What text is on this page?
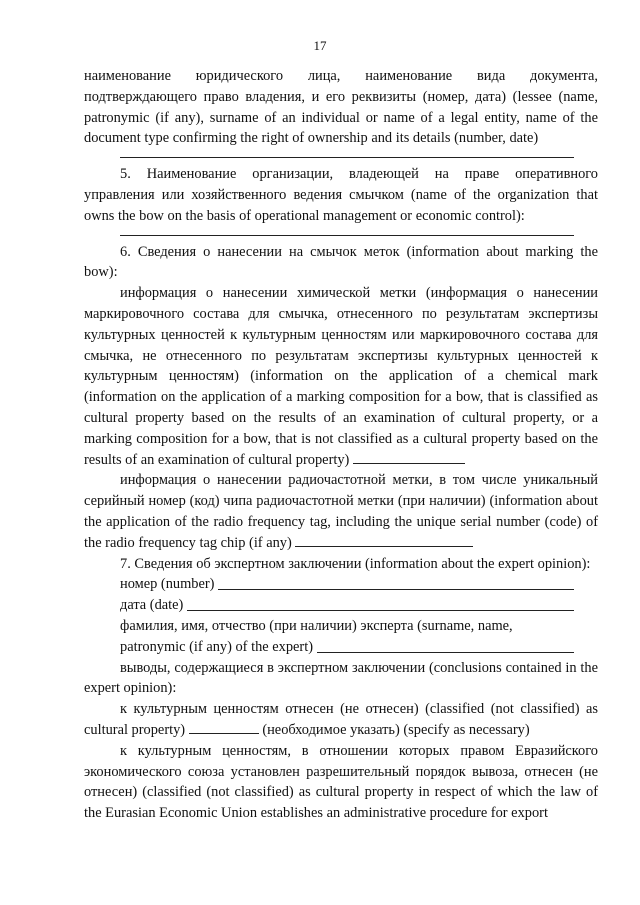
17

наименование юридического лица, наименование вида документа, подтверждающего право владения, и его реквизиты (номер, дата) (lessee (name, patronymic (if any), surname of an individual or name of a legal entity, name of the document type confirming the right of ownership and its details (number, date)

5. Наименование организации, владеющей на праве оперативного управления или хозяйственного ведения смычком (name of the organization that owns the bow on the basis of operational management or economic control):

6. Сведения о нанесении на смычок меток (information about marking the bow):

информация о нанесении химической метки (информация о нанесении маркировочного состава для смычка, отнесенного по результатам экспертизы культурных ценностей к культурным ценностям или маркировочного состава для смычка, не отнесенного по результатам экспертизы культурных ценностей к культурным ценностям) (information on the application of a chemical mark (information on the application of a marking composition for a bow, that is classified as cultural property based on the results of an examination of cultural property, or a marking composition for a bow, that is not classified as a cultural property based on the results of an examination of cultural property)

информация о нанесении радиочастотной метки, в том числе уникальный серийный номер (код) чипа радиочастотной метки (при наличии) (information about the application of the radio frequency tag, including the unique serial number (code) of the radio frequency tag chip (if any)

7. Сведения об экспертном заключении (information about the expert opinion):

номер (number)
дата (date)

фамилия, имя, отчество (при наличии) эксперта (surname, name,

patronymic (if any) of the expert)

выводы, содержащиеся в экспертном заключении (conclusions contained in the expert opinion):

к культурным ценностям отнесен (не отнесен) (classified (not classified) as cultural property)	(необходимое указать) (specify as necessary)

к культурным ценностям, в отношении которых правом Евразийского экономического союза установлен разрешительный порядок вывоза, отнесен (не отнесен) (classified (not classified) as cultural property in respect of which the law of the Eurasian Economic Union establishes an administrative procedure for export
